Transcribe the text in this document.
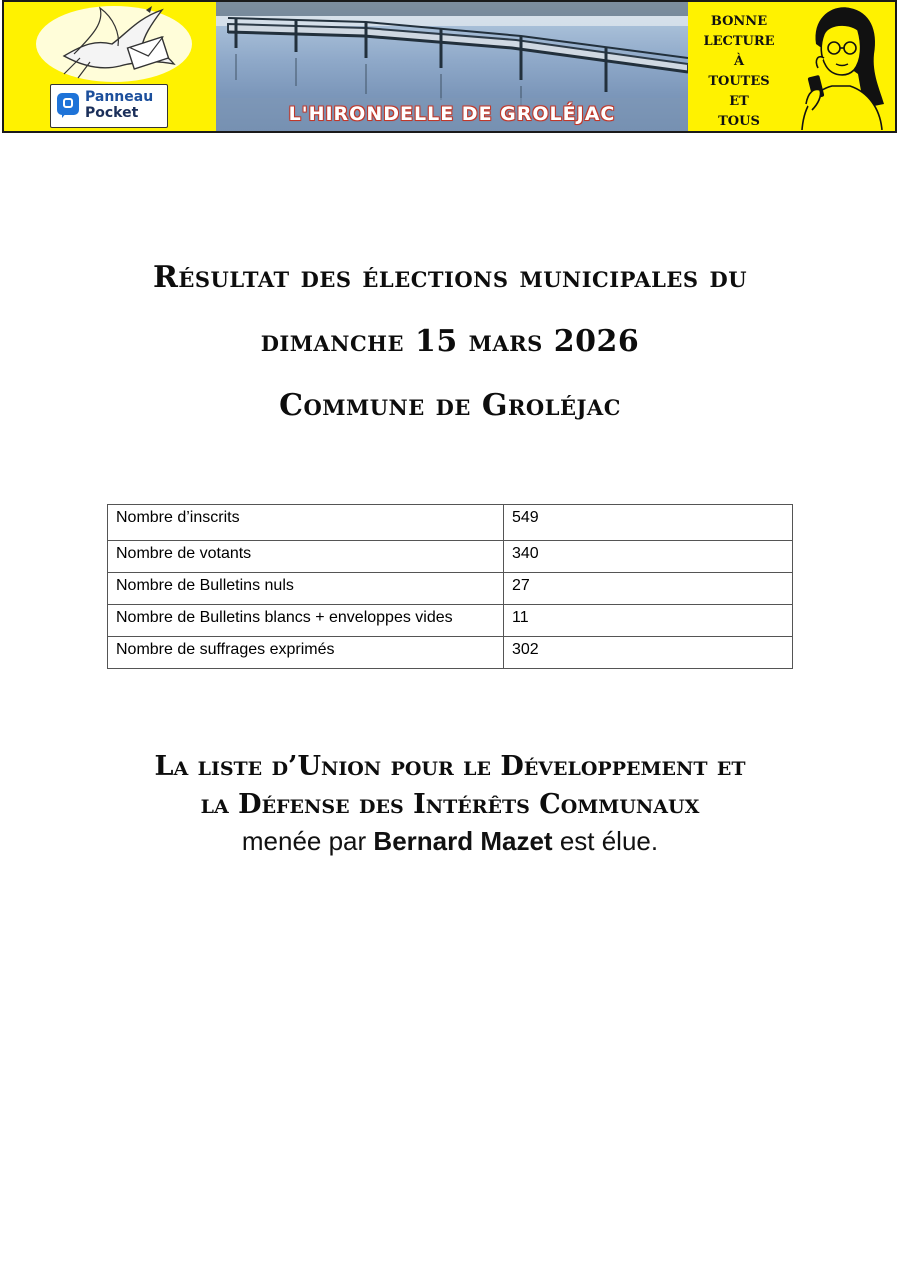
Panneau
Pocket	L'HIRONDELLE DE GROLÉJAC
BONNE
LECTURE
À
TOUTES
ET
TOUS
Résultat des élections municipales du
dimanche 15 mars 2026
Commune de Groléjac
Nombre d’inscrits	549
Nombre de votants	340
Nombre de Bulletins nuls	27
Nombre de Bulletins blancs + enveloppes vides	11
Nombre de suffrages exprimés	302
La liste d’Union pour le Développement et
la Défense des Intérêts Communaux
menée par Bernard Mazet est élue.
